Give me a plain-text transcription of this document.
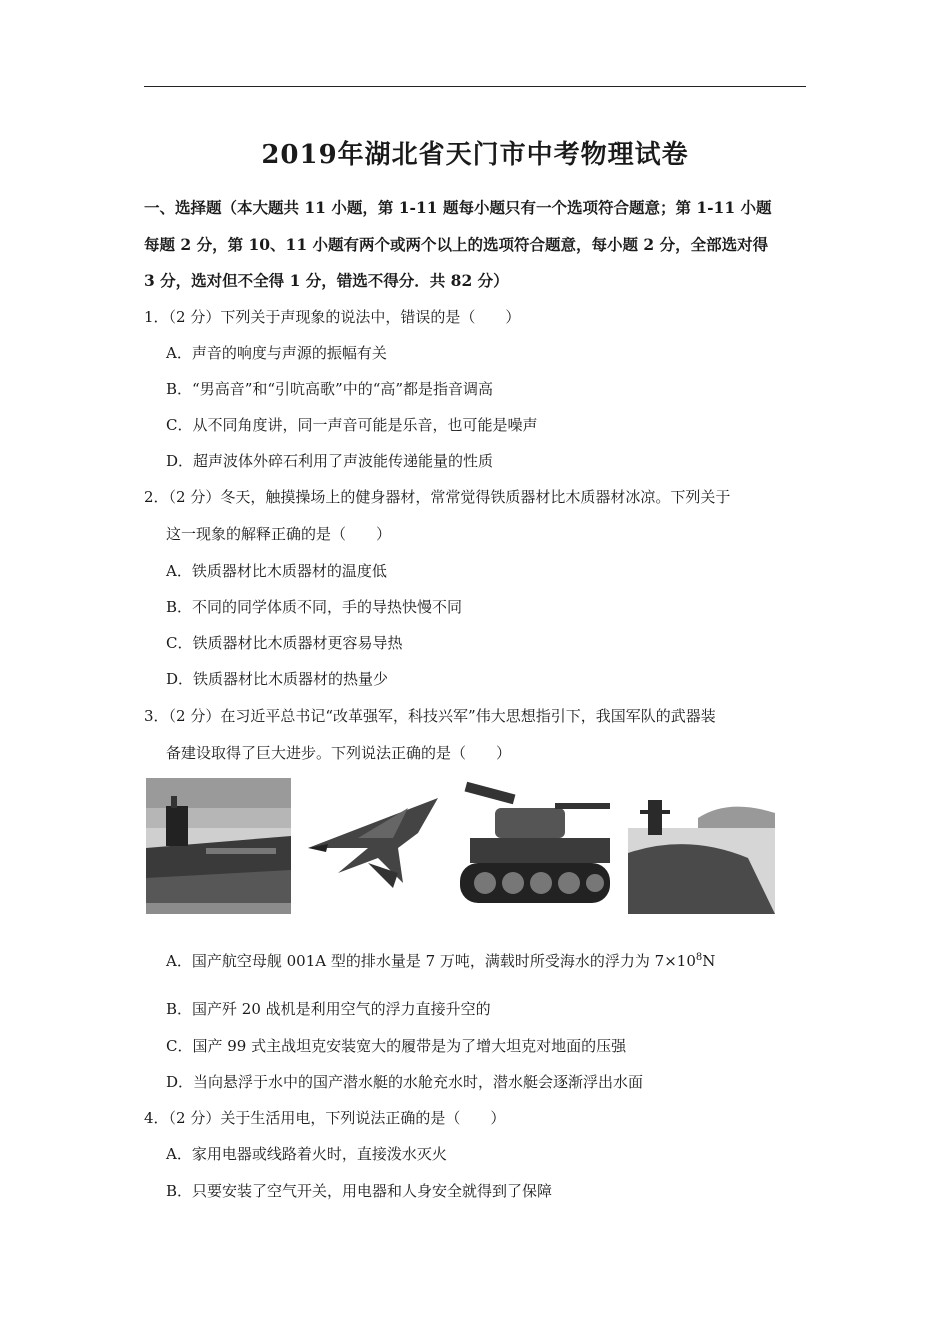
2019年湖北省天门市中考物理试卷
一、选择题（本大题共 11 小题，第 1-11 题每小题只有一个选项符合题意；第 1-11 小题
每题 2 分，第 10、11 小题有两个或两个以上的选项符合题意，每小题 2 分，全部选对得
3 分，选对但不全得 1 分，错选不得分．共 82 分）
1．（2 分）下列关于声现象的说法中，错误的是（　　）
A．声音的响度与声源的振幅有关
B．“男高音”和“引吭高歌”中的“高”都是指音调高
C．从不同角度讲，同一声音可能是乐音，也可能是噪声
D．超声波体外碎石利用了声波能传递能量的性质
2．（2 分）冬天，触摸操场上的健身器材，常常觉得铁质器材比木质器材冰凉。下列关于
这一现象的解释正确的是（　　）
A．铁质器材比木质器材的温度低
B．不同的同学体质不同，手的导热快慢不同
C．铁质器材比木质器材更容易导热
D．铁质器材比木质器材的热量少
3．（2 分）在习近平总书记“改革强军，科技兴军”伟大思想指引下，我国军队的武器装
备建设取得了巨大进步。下列说法正确的是（　　）
A．国产航空母舰 001A 型的排水量是 7 万吨，满载时所受海水的浮力为 $7\times 10^8N$
B．国产歼 20 战机是利用空气的浮力直接升空的
C．国产 99 式主战坦克安装宽大的履带是为了增大坦克对地面的压强
D．当向悬浮于水中的国产潜水艇的水舱充水时，潜水艇会逐渐浮出水面
4．（2 分）关于生活用电，下列说法正确的是（　　）
A．家用电器或线路着火时，直接泼水灭火
B．只要安装了空气开关，用电器和人身安全就得到了保障
